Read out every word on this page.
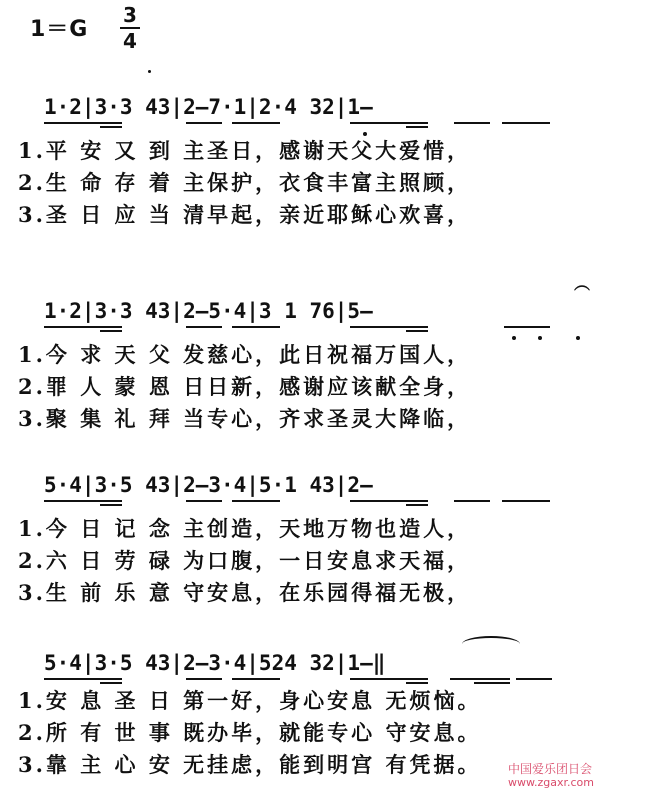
1＝G
3
4
1·2|3·3 43|2—7·1|2·4 32|1—
1.平 安 又 到 主圣日，感谢天父大爱惜，
2.生 命 存 着 主保护，衣食丰富主照顾，
3.圣 日 应 当 清早起，亲近耶稣心欢喜，
︵
1·2|3·3 43|2—5·4|3 1 76|5—
1.今 求 天 父 发慈心，此日祝福万国人，
2.罪 人 蒙 恩 日日新，感谢应该献全身，
3.聚 集 礼 拜 当专心，齐求圣灵大降临，
5·4|3·5 43|2—3·4|5·1 43|2—
1.今 日 记 念 主创造，天地万物也造人，
2.六 日 劳 碌 为口腹，一日安息求天福，
3.生 前 乐 意 守安息，在乐园得福无极，
5·4|3·5 43|2—3·4|524 32|1—‖
1.安 息 圣 日 第一好，身心安息 无烦恼。
2.所 有 世 事 既办毕，就能专心 守安息。
3.靠 主 心 安 无挂虑，能到明宫 有凭据。 中国爱乐团日会
www.zgaxr.com
